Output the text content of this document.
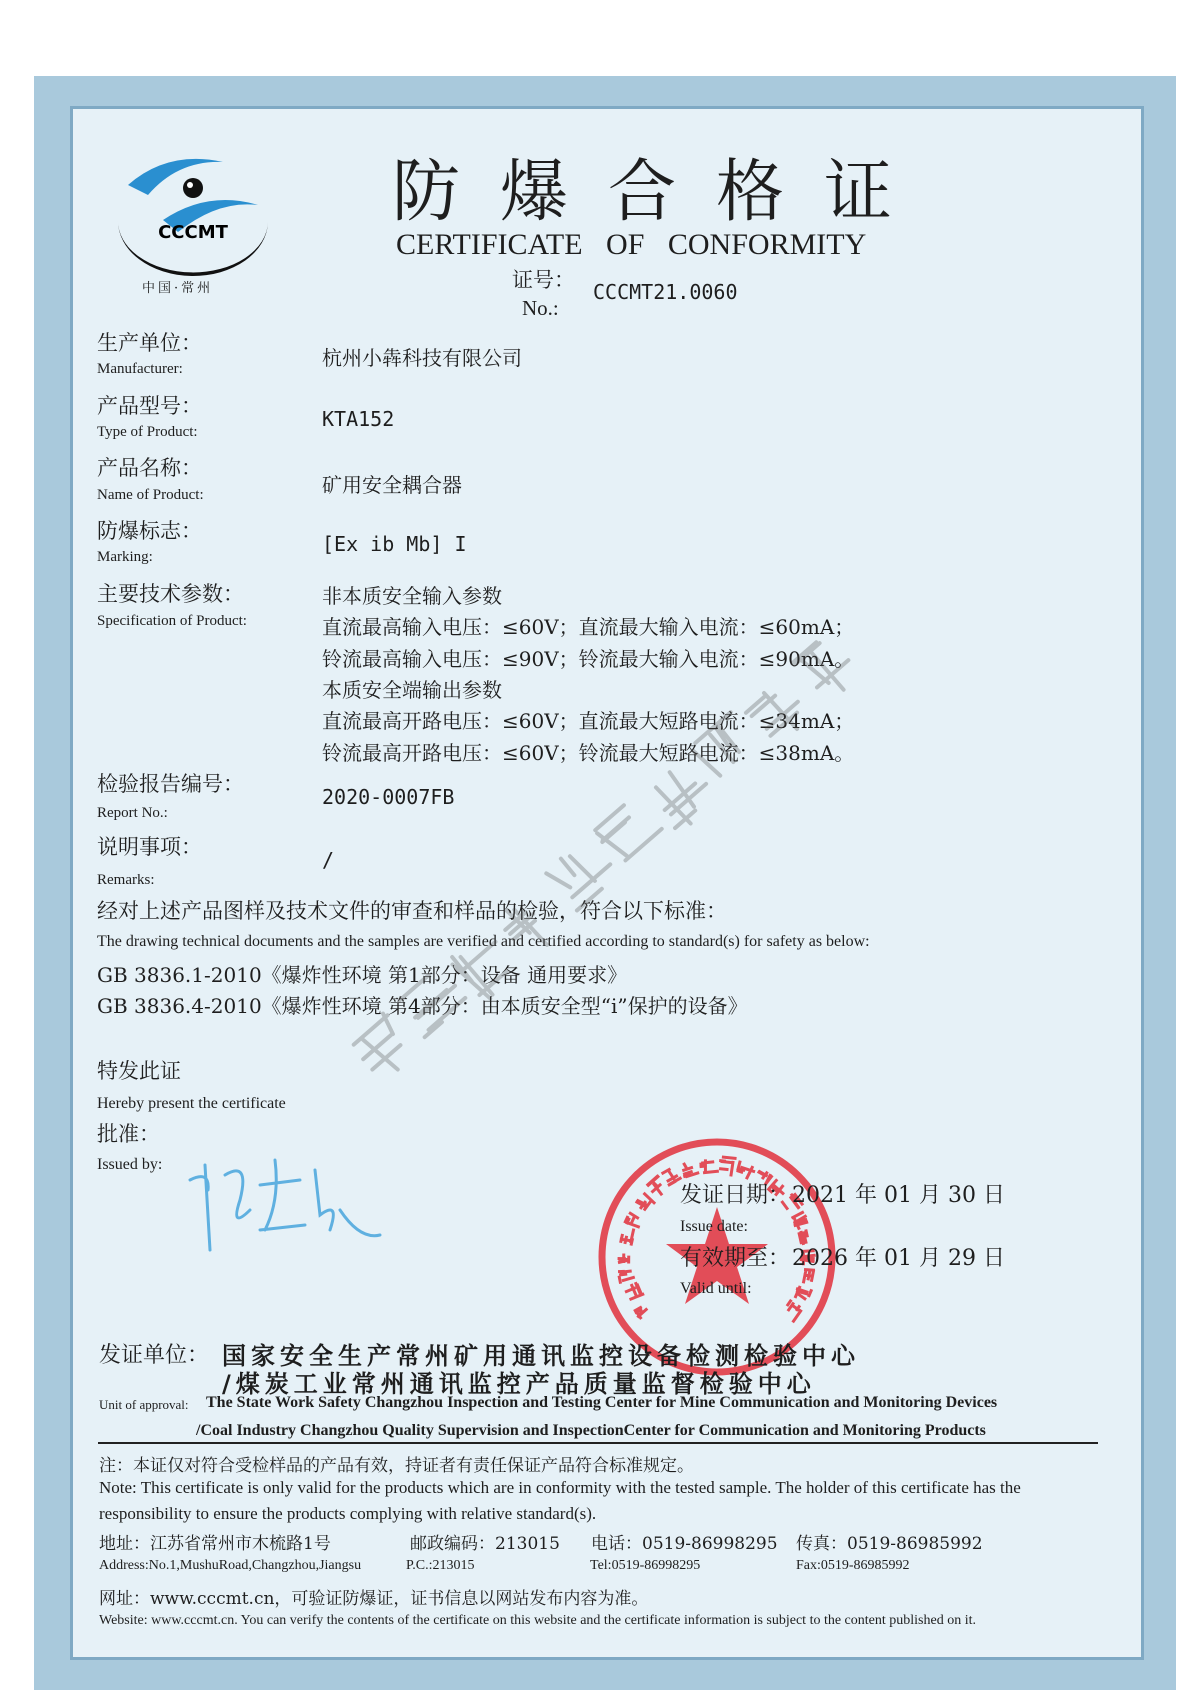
CCCMT
中国·常州
防爆合格证
CERTIFICATE OF CONFORMITY
证号：
No.:
CCCMT21.0060
生产单位：
Manufacturer:	杭州小犇科技有限公司
产品型号：
Type of Product:
KTA152
产品名称：
Name of Product:	矿用安全耦合器
防爆标志：
Marking:
[Ex ib Mb] I
主要技术参数：
Specification of Product:
非本质安全输入参数
直流最高输入电压：≤60V；直流最大输入电流：≤60mA；
铃流最高输入电压：≤90V；铃流最大输入电流：≤90mA。
本质安全端输出参数
直流最高开路电压：≤60V；直流最大短路电流：≤34mA；
铃流最高开路电压：≤60V；铃流最大短路电流：≤38mA。
检验报告编号：
Report No.:
2020-0007FB
说明事项：
Remarks:
/
经对上述产品图样及技术文件的审查和样品的检验，符合以下标准：
The drawing technical documents and the samples are verified and certified according to standard(s) for safety as below:
GB 3836.1-2010《爆炸性环境 第1部分：设备 通用要求》
GB 3836.4-2010《爆炸性环境 第4部分：由本质安全型“i”保护的设备》
特发此证
Hereby present the certificate
批准：
Issued by:
发证日期： 2021 年 01 月 30 日
Issue date:
有效期至： 2026 年 01 月 29 日
Valid until:
发证单位： 国家安全生产常州矿用通讯监控设备检测检验中心
/煤炭工业常州通讯监控产品质量监督检验中心
Unit of approval: The State Work Safety Changzhou Inspection and Testing Center for Mine Communication and Monitoring Devices
/Coal Industry Changzhou Quality Supervision and InspectionCenter for Communication and Monitoring Products
注：本证仅对符合受检样品的产品有效，持证者有责任保证产品符合标准规定。
Note: This certificate is only valid for the products which are in conformity with the tested sample. The holder of this certificate has the
responsibility to ensure the products complying with relative standard(s).
地址：江苏省常州市木梳路1号	邮政编码：213015 电话：0519-86998295 传真：0519-86985992
Address:No.1,MushuRoad,Changzhou,Jiangsu	P.C.:213015	Tel:0519-86998295	Fax:0519-86985992
网址：www.cccmt.cn，可验证防爆证，证书信息以网站发布内容为准。
Website: www.cccmt.cn. You can verify the contents of the certificate on this website and the certificate information is subject to the content published on it.
